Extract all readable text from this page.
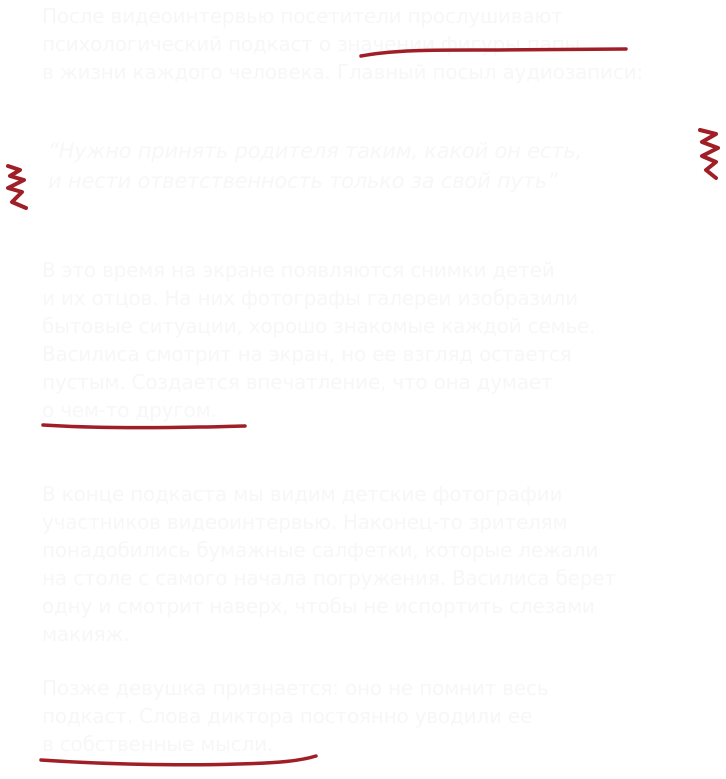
После видеоинтервью посетители прослушивают
психологический подкаст о значении фигуры папы
в жизни каждого человека. Главный посыл аудиозаписи:

“Нужно принять родителя таким, какой он есть,
и нести ответственность только за свой путь”

В это время на экране появляются снимки детей
и их отцов. На них фотографы галереи изобразили
бытовые ситуации, хорошо знакомые каждой семье.
Василиса смотрит на экран, но ее взгляд остается
пустым. Создается впечатление, что она думает
о чем-то другом.

В конце подкаста мы видим детские фотографии
участников видеоинтервью. Наконец-то зрителям
понадобились бумажные салфетки, которые лежали
на столе с самого начала погружения. Василиса берет
одну и смотрит наверх, чтобы не испортить слезами
макияж.

Позже девушка признается: оно не помнит весь
подкаст. Слова диктора постоянно уводили ее
в собственные мысли.
